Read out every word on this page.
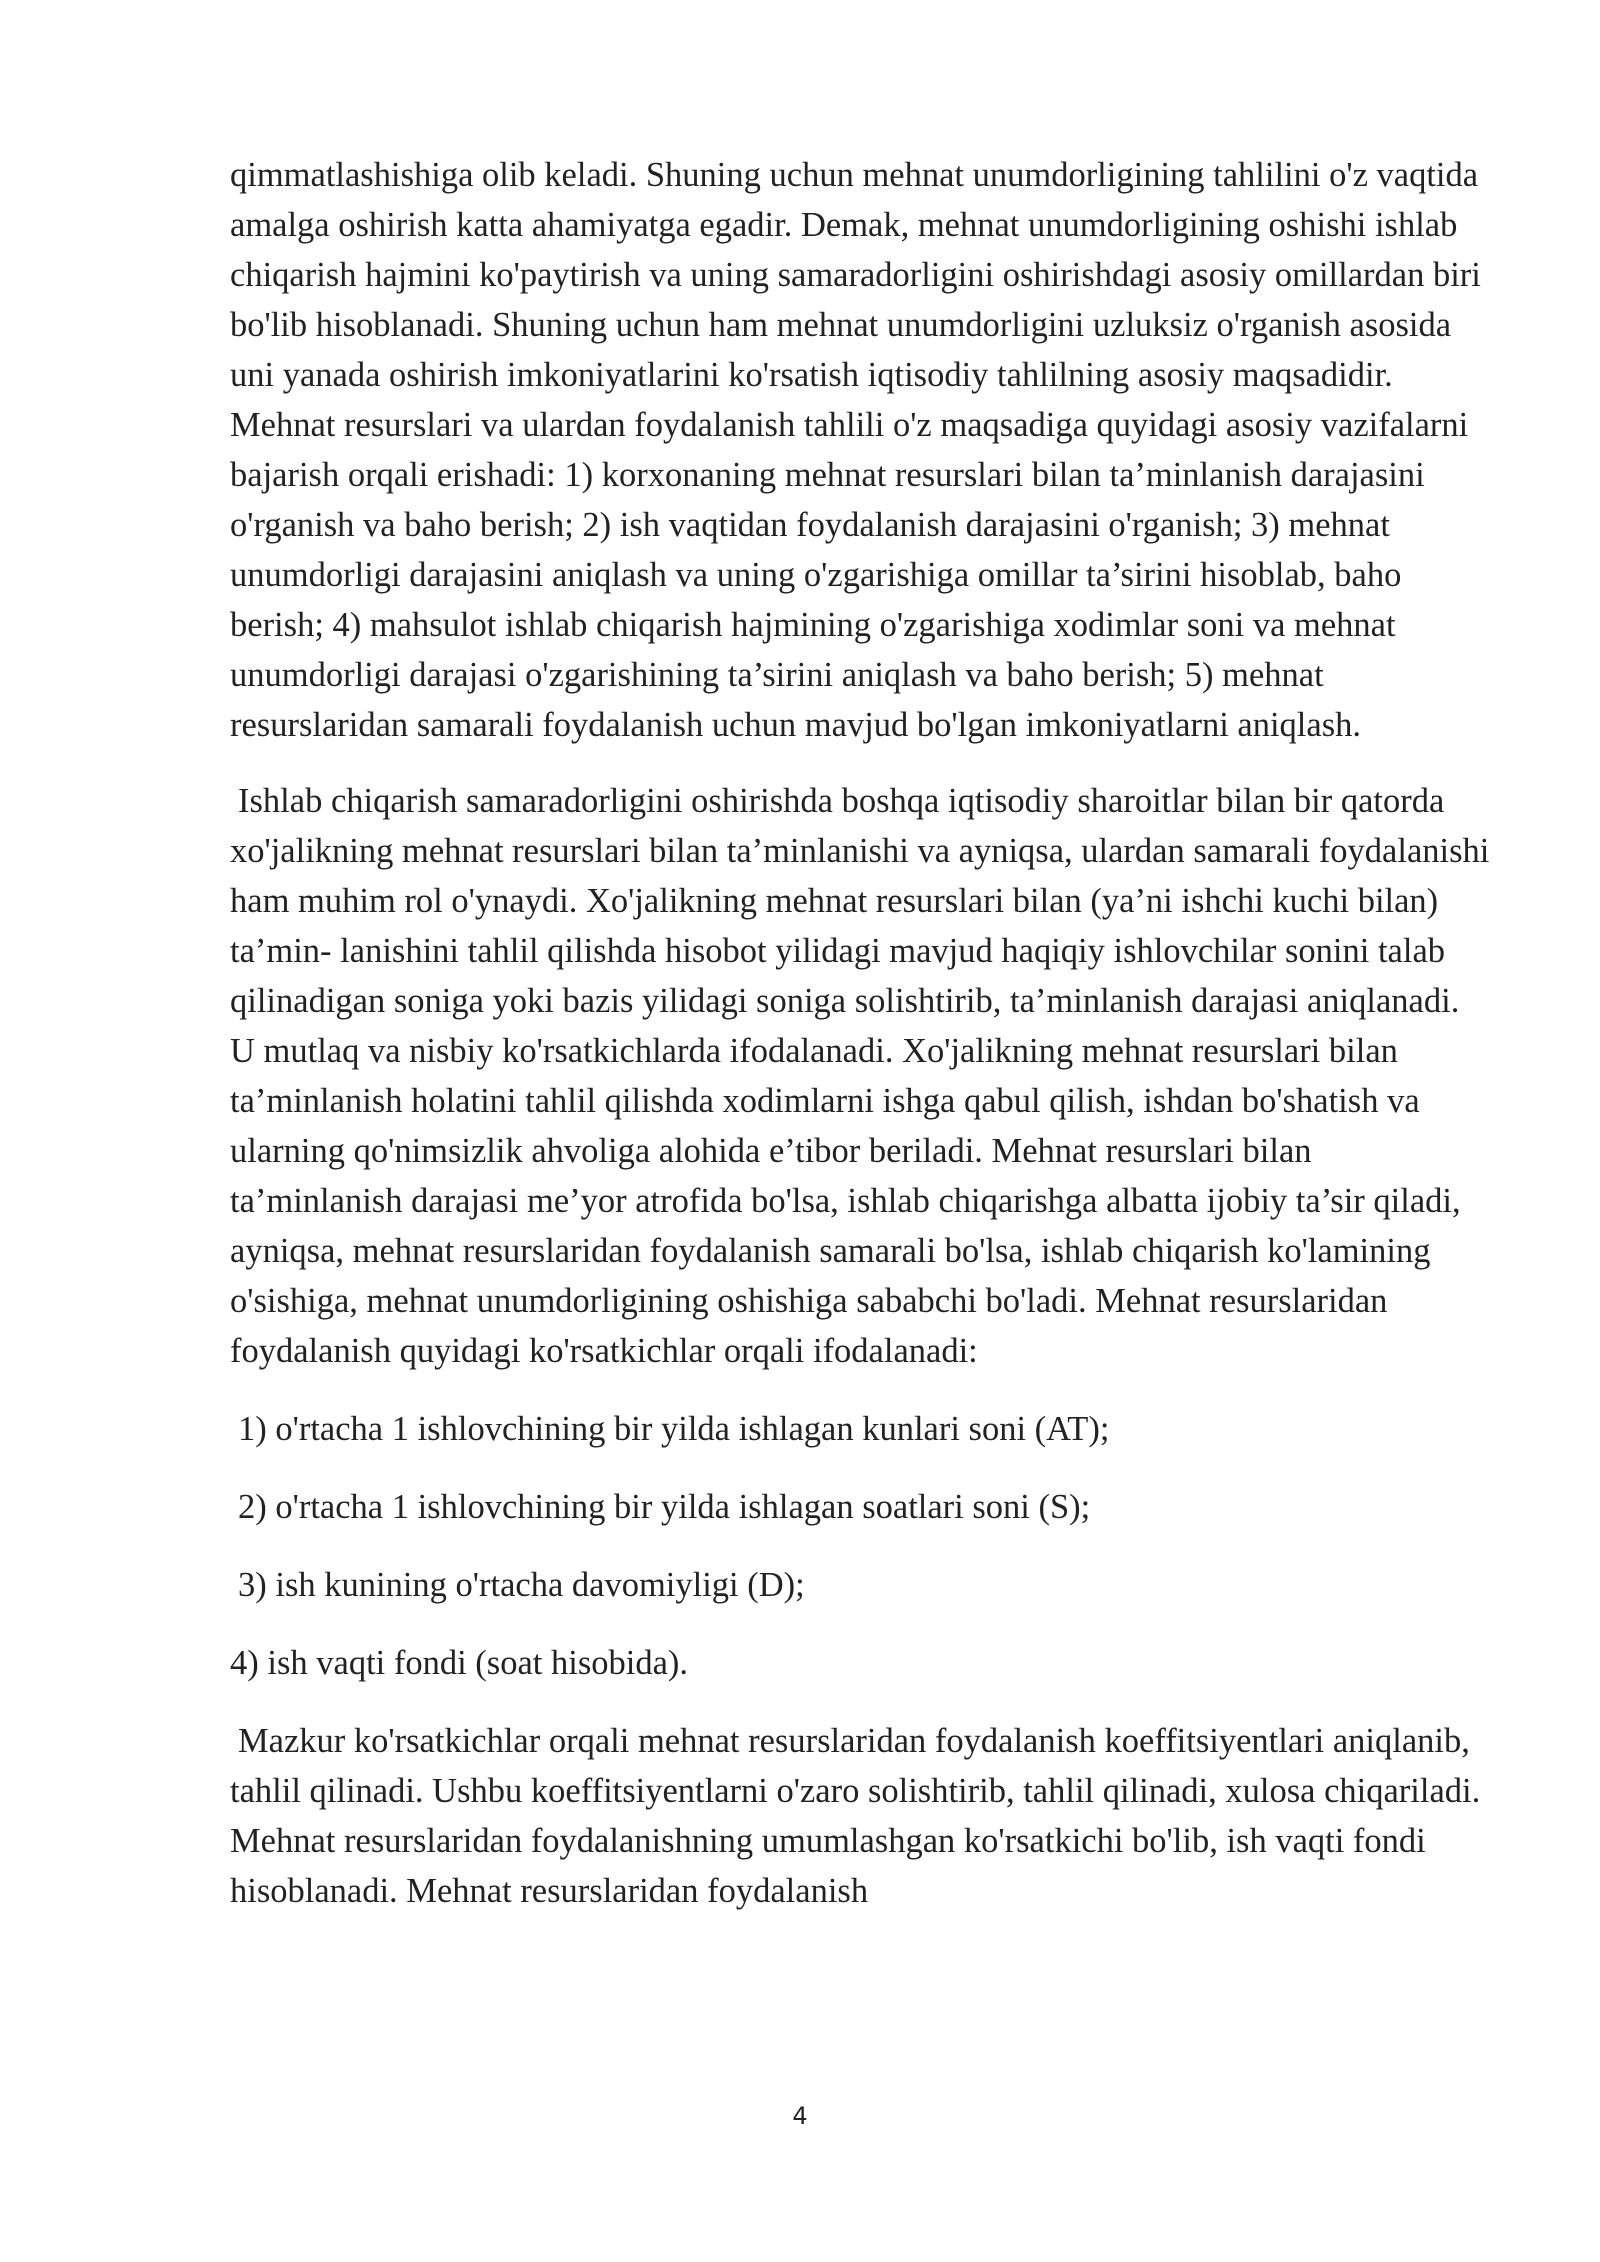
qimmatlashishiga olib keladi. Shuning uchun mehnat unumdorligining tahlilini o'z vaqtida amalga oshirish katta ahamiyatga egadir. Demak, mehnat unumdorligining oshishi ishlab chiqarish hajmini ko'paytirish va uning samaradorligini oshirishdagi asosiy omillardan biri bo'lib hisoblanadi. Shuning uchun ham mehnat unumdorligini uzluksiz o'rganish asosida uni yanada oshirish imkoniyatlarini ko'rsatish iqtisodiy tahlilning asosiy maqsadidir. Mehnat resurslari va ulardan foydalanish tahlili o'z maqsadiga quyidagi asosiy vazifalarni bajarish orqali erishadi: 1) korxonaning mehnat resurslari bilan ta’minlanish darajasini o'rganish va baho berish; 2) ish vaqtidan foydalanish darajasini o'rganish; 3) mehnat unumdorligi darajasini aniqlash va uning o'zgarishiga omillar ta’sirini hisoblab, baho berish; 4) mahsulot ishlab chiqarish hajmining o'zgarishiga xodimlar soni va mehnat unumdorligi darajasi o'zgarishining ta’sirini aniqlash va baho berish; 5) mehnat resurslaridan samarali foydalanish uchun mavjud bo'lgan imkoniyatlarni aniqlash.

Ishlab chiqarish samaradorligini oshirishda boshqa iqtisodiy sharoitlar bilan bir qatorda xo'jalikning mehnat resurslari bilan ta’minlanishi va ayniqsa, ulardan samarali foydalanishi ham muhim rol o'ynaydi. Xo'jalikning mehnat resurslari bilan (ya’ni ishchi kuchi bilan) ta’min- lanishini tahlil qilishda hisobot yilidagi mavjud haqiqiy ishlovchilar sonini talab qilinadigan soniga yoki bazis yilidagi soniga solishtirib, ta’minlanish darajasi aniqlanadi. U mutlaq va nisbiy ko'rsatkichlarda ifodalanadi. Xo'jalikning mehnat resurslari bilan ta’minlanish holatini tahlil qilishda xodimlarni ishga qabul qilish, ishdan bo'shatish va ularning qo'nimsizlik ahvoliga alohida e’tibor beriladi. Mehnat resurslari bilan ta’minlanish darajasi me’yor atrofida bo'lsa, ishlab chiqarishga albatta ijobiy ta’sir qiladi, ayniqsa, mehnat resurslaridan foydalanish samarali bo'lsa, ishlab chiqarish ko'lamining o'sishiga, mehnat unumdorligining oshishiga sababchi bo'ladi. Mehnat resurslaridan foydalanish quyidagi ko'rsatkichlar orqali ifodalanadi:

1) o'rtacha 1 ishlovchining bir yilda ishlagan kunlari soni (AT);

2) o'rtacha 1 ishlovchining bir yilda ishlagan soatlari soni (S);

3) ish kunining o'rtacha davomiyligi (D);

4) ish vaqti fondi (soat hisobida).

Mazkur ko'rsatkichlar orqali mehnat resurslaridan foydalanish koeffitsiyentlari aniqlanib, tahlil qilinadi. Ushbu koeffitsiyentlarni o'zaro solishtirib, tahlil qilinadi, xulosa chiqariladi. Mehnat resurslaridan foydalanishning umumlashgan ko'rsatkichi bo'lib, ish vaqti fondi hisoblanadi. Mehnat resurslaridan foydalanish

4
